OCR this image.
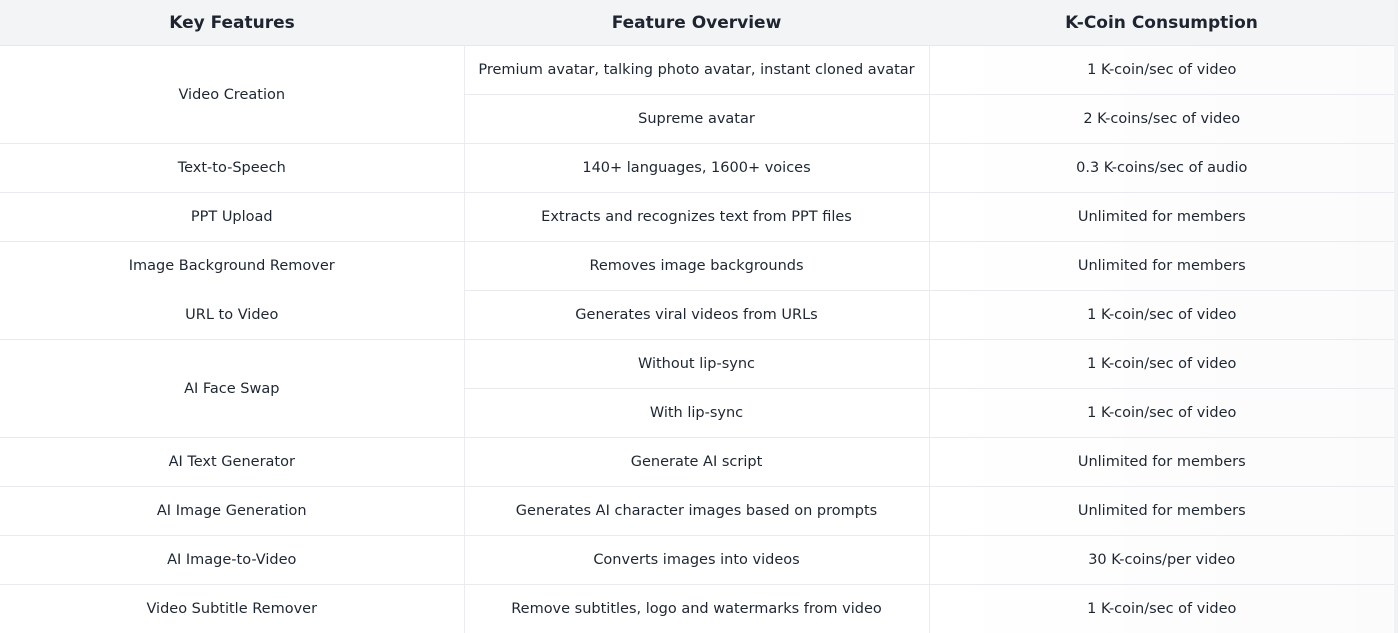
Key Features	Feature Overview	K-Coin Consumption
Video Creation	Premium avatar, talking photo avatar, instant cloned avatar	1 K-coin/sec of video
	Supreme avatar	2 K-coins/sec of video
Text-to-Speech	140+ languages, 1600+ voices	0.3 K-coins/sec of audio
PPT Upload	Extracts and recognizes text from PPT files	Unlimited for members
Image Background Remover	Removes image backgrounds	Unlimited for members
URL to Video	Generates viral videos from URLs	1 K-coin/sec of video
AI Face Swap	Without lip-sync	1 K-coin/sec of video
	With lip-sync	1 K-coin/sec of video
AI Text Generator	Generate AI script	Unlimited for members
AI Image Generation	Generates AI character images based on prompts	Unlimited for members
AI Image-to-Video	Converts images into videos	30 K-coins/per video
Video Subtitle Remover	Remove subtitles, logo and watermarks from video	1 K-coin/sec of video
